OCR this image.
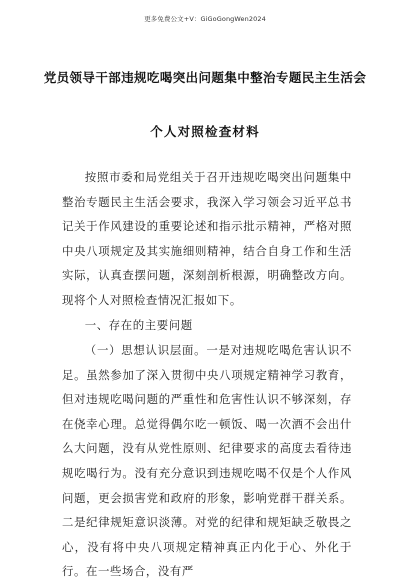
更多免费公文+V：GiGoGongWen2024
党员领导干部违规吃喝突出问题集中整治专题民主生活会
个人对照检查材料
按照市委和局党组关于召开违规吃喝突出问题集中整治专题民主生活会要求，我深入学习领会习近平总书记关于作风建设的重要论述和指示批示精神，严格对照中央八项规定及其实施细则精神，结合自身工作和生活实际，认真查摆问题，深刻剖析根源，明确整改方向。现将个人对照检查情况汇报如下。
一、存在的主要问题
（一）思想认识层面。一是对违规吃喝危害认识不足。虽然参加了深入贯彻中央八项规定精神学习教育，但对违规吃喝问题的严重性和危害性认识不够深刻，存在侥幸心理。总觉得偶尔吃一顿饭、喝一次酒不会出什么大问题，没有从党性原则、纪律要求的高度去看待违规吃喝行为。没有充分意识到违规吃喝不仅是个人作风问题，更会损害党和政府的形象，影响党群干群关系。二是纪律规矩意识淡薄。对党的纪律和规矩缺乏敬畏之心，没有将中央八项规定精神真正内化于心、外化于行。在一些场合，没有严
